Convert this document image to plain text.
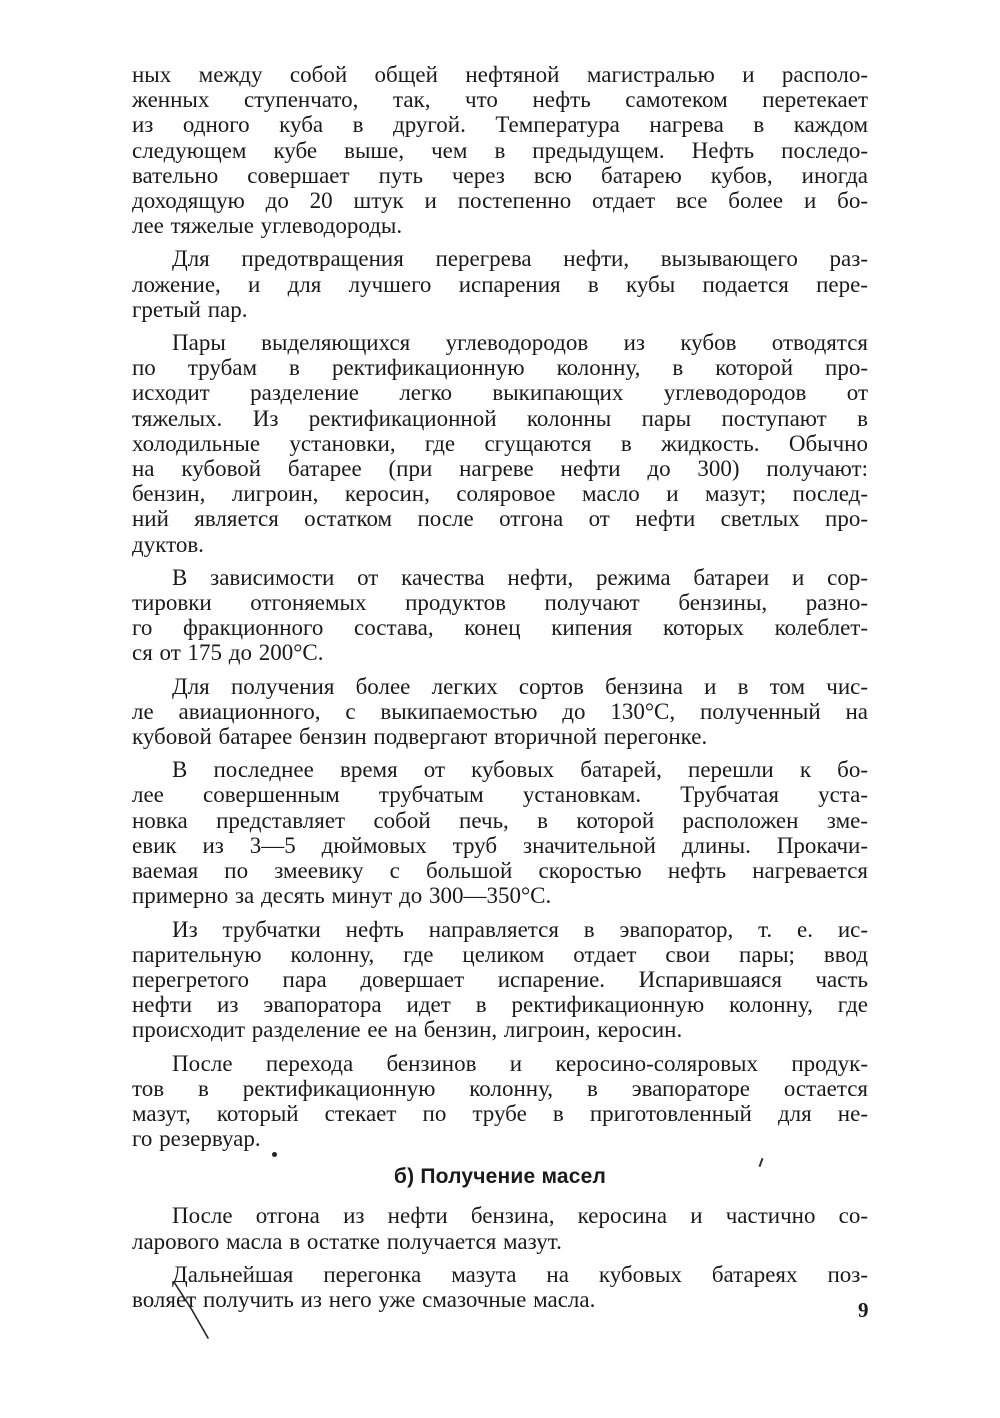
ных между собой общей нефтяной магистралью и располо-
женных ступенчато, так, что нефть самотеком перетекает
из одного куба в другой. Температура нагрева в каждом
следующем кубе выше, чем в предыдущем. Нефть последо-
вательно совершает путь через всю батарею кубов, иногда
доходящую до 20 штук и постепенно отдает все более и бо-
лее тяжелые углеводороды.
Для предотвращения перегрева нефти, вызывающего раз-
ложение, и для лучшего испарения в кубы подается пере-
гретый пар.
Пары выделяющихся углеводородов из кубов отводятся
по трубам в ректификационную колонну, в которой про-
исходит разделение легко выкипающих углеводородов от
тяжелых. Из ректификационной колонны пары поступают в
холодильные установки, где сгущаются в жидкость. Обычно
на кубовой батарее (при нагреве нефти до 300) получают:
бензин, лигроин, керосин, соляровое масло и мазут; послед-
ний является остатком после отгона от нефти светлых про-
дуктов.
В зависимости от качества нефти, режима батареи и сор-
тировки отгоняемых продуктов получают бензины, разно-
го фракционного состава, конец кипения которых колеблет-
ся от 175 до 200°С.
Для получения более легких сортов бензина и в том чис-
ле авиационного, с выкипаемостью до 130°С, полученный на
кубовой батарее бензин подвергают вторичной перегонке.
В последнее время от кубовых батарей, перешли к бо-
лее совершенным трубчатым установкам. Трубчатая уста-
новка представляет собой печь, в которой расположен зме-
евик из 3—5 дюймовых труб значительной длины. Прокачи-
ваемая по змеевику с большой скоростью нефть нагревается
примерно за десять минут до 300—350°С.
Из трубчатки нефть направляется в эвапоратор, т. е. ис-
парительную колонну, где целиком отдает свои пары; ввод
перегретого пара довершает испарение. Испарившаяся часть
нефти из эвапоратора идет в ректификационную колонну, где
происходит разделение ее на бензин, лигроин, керосин.
После перехода бензинов и керосино-соляровых продук-
тов в ректификационную колонну, в эвапораторе остается
мазут, который стекает по трубе в приготовленный для не-
го резервуар.
б) Получение масел
После отгона из нефти бензина, керосина и частично со-
ларового масла в остатке получается мазут.
Дальнейшая перегонка мазута на кубовых батареях поз-
воляет получить из него уже смазочные масла.	9
